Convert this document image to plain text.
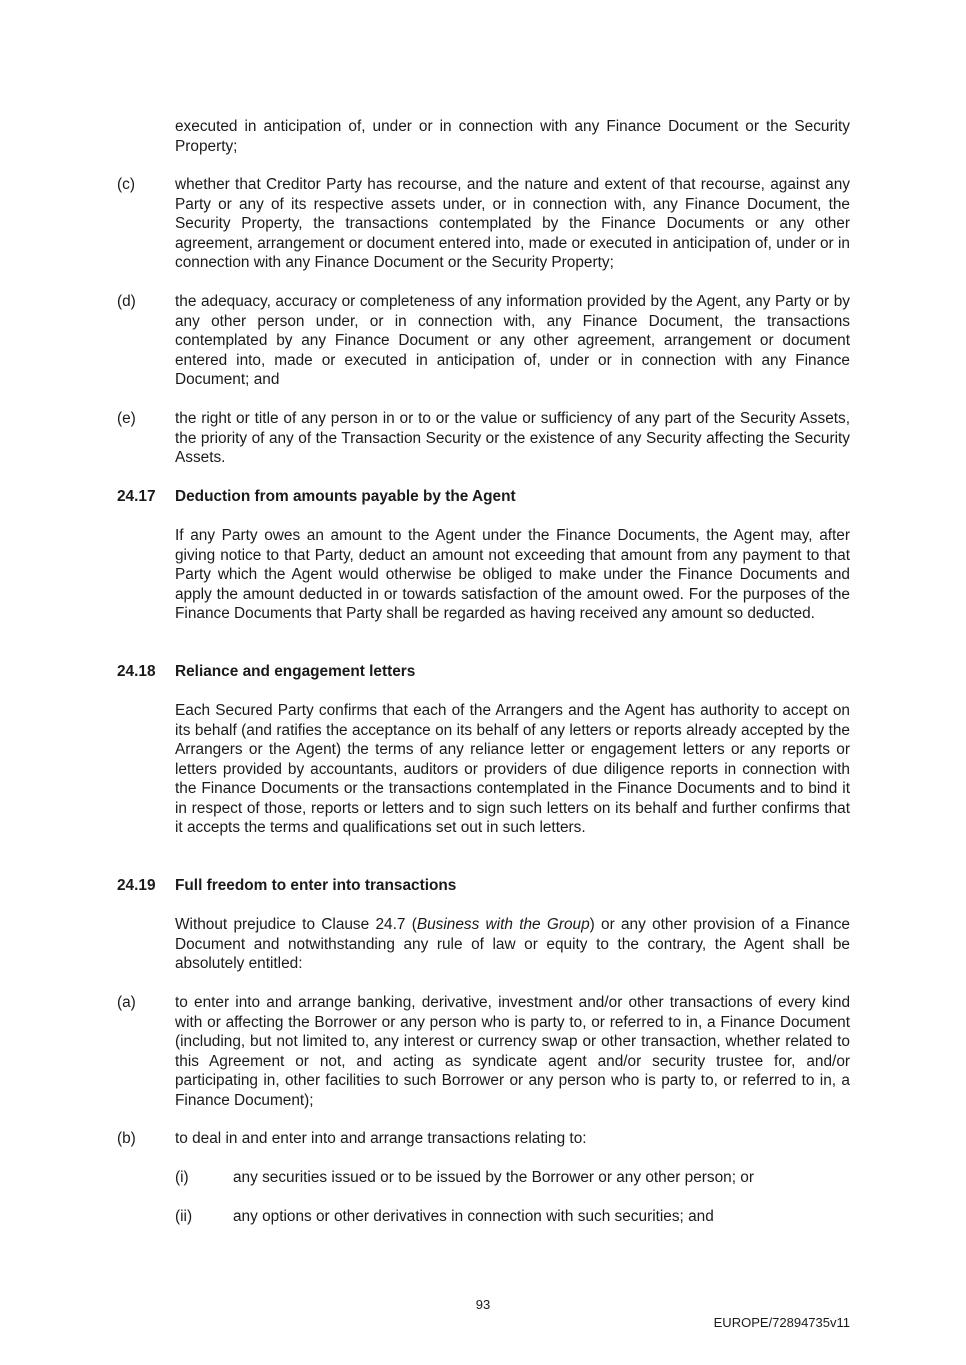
executed in anticipation of, under or in connection with any Finance Document or the Security Property;

(c)	whether that Creditor Party has recourse, and the nature and extent of that recourse, against any Party or any of its respective assets under, or in connection with, any Finance Document, the Security Property, the transactions contemplated by the Finance Documents or any other agreement, arrangement or document entered into, made or executed in anticipation of, under or in connection with any Finance Document or the Security Property;

(d)	the adequacy, accuracy or completeness of any information provided by the Agent, any Party or by any other person under, or in connection with, any Finance Document, the transactions contemplated by any Finance Document or any other agreement, arrangement or document entered into, made or executed in anticipation of, under or in connection with any Finance Document; and

(e)	the right or title of any person in or to or the value or sufficiency of any part of the Security Assets, the priority of any of the Transaction Security or the existence of any Security affecting the Security Assets.

24.17	Deduction from amounts payable by the Agent

If any Party owes an amount to the Agent under the Finance Documents, the Agent may, after giving notice to that Party, deduct an amount not exceeding that amount from any payment to that Party which the Agent would otherwise be obliged to make under the Finance Documents and apply the amount deducted in or towards satisfaction of the amount owed. For the purposes of the Finance Documents that Party shall be regarded as having received any amount so deducted.

24.18	Reliance and engagement letters

Each Secured Party confirms that each of the Arrangers and the Agent has authority to accept on its behalf (and ratifies the acceptance on its behalf of any letters or reports already accepted by the Arrangers or the Agent) the terms of any reliance letter or engagement letters or any reports or letters provided by accountants, auditors or providers of due diligence reports in connection with the Finance Documents or the transactions contemplated in the Finance Documents and to bind it in respect of those, reports or letters and to sign such letters on its behalf and further confirms that it accepts the terms and qualifications set out in such letters.

24.19	Full freedom to enter into transactions

Without prejudice to Clause 24.7 (Business with the Group) or any other provision of a Finance Document and notwithstanding any rule of law or equity to the contrary, the Agent shall be absolutely entitled:

(a)	to enter into and arrange banking, derivative, investment and/or other transactions of every kind with or affecting the Borrower or any person who is party to, or referred to in, a Finance Document (including, but not limited to, any interest or currency swap or other transaction, whether related to this Agreement or not, and acting as syndicate agent and/or security trustee for, and/or participating in, other facilities to such Borrower or any person who is party to, or referred to in, a Finance Document);

(b)	to deal in and enter into and arrange transactions relating to:

(i)	any securities issued or to be issued by the Borrower or any other person; or

(ii)	any options or other derivatives in connection with such securities; and

93
EUROPE/72894735v11
